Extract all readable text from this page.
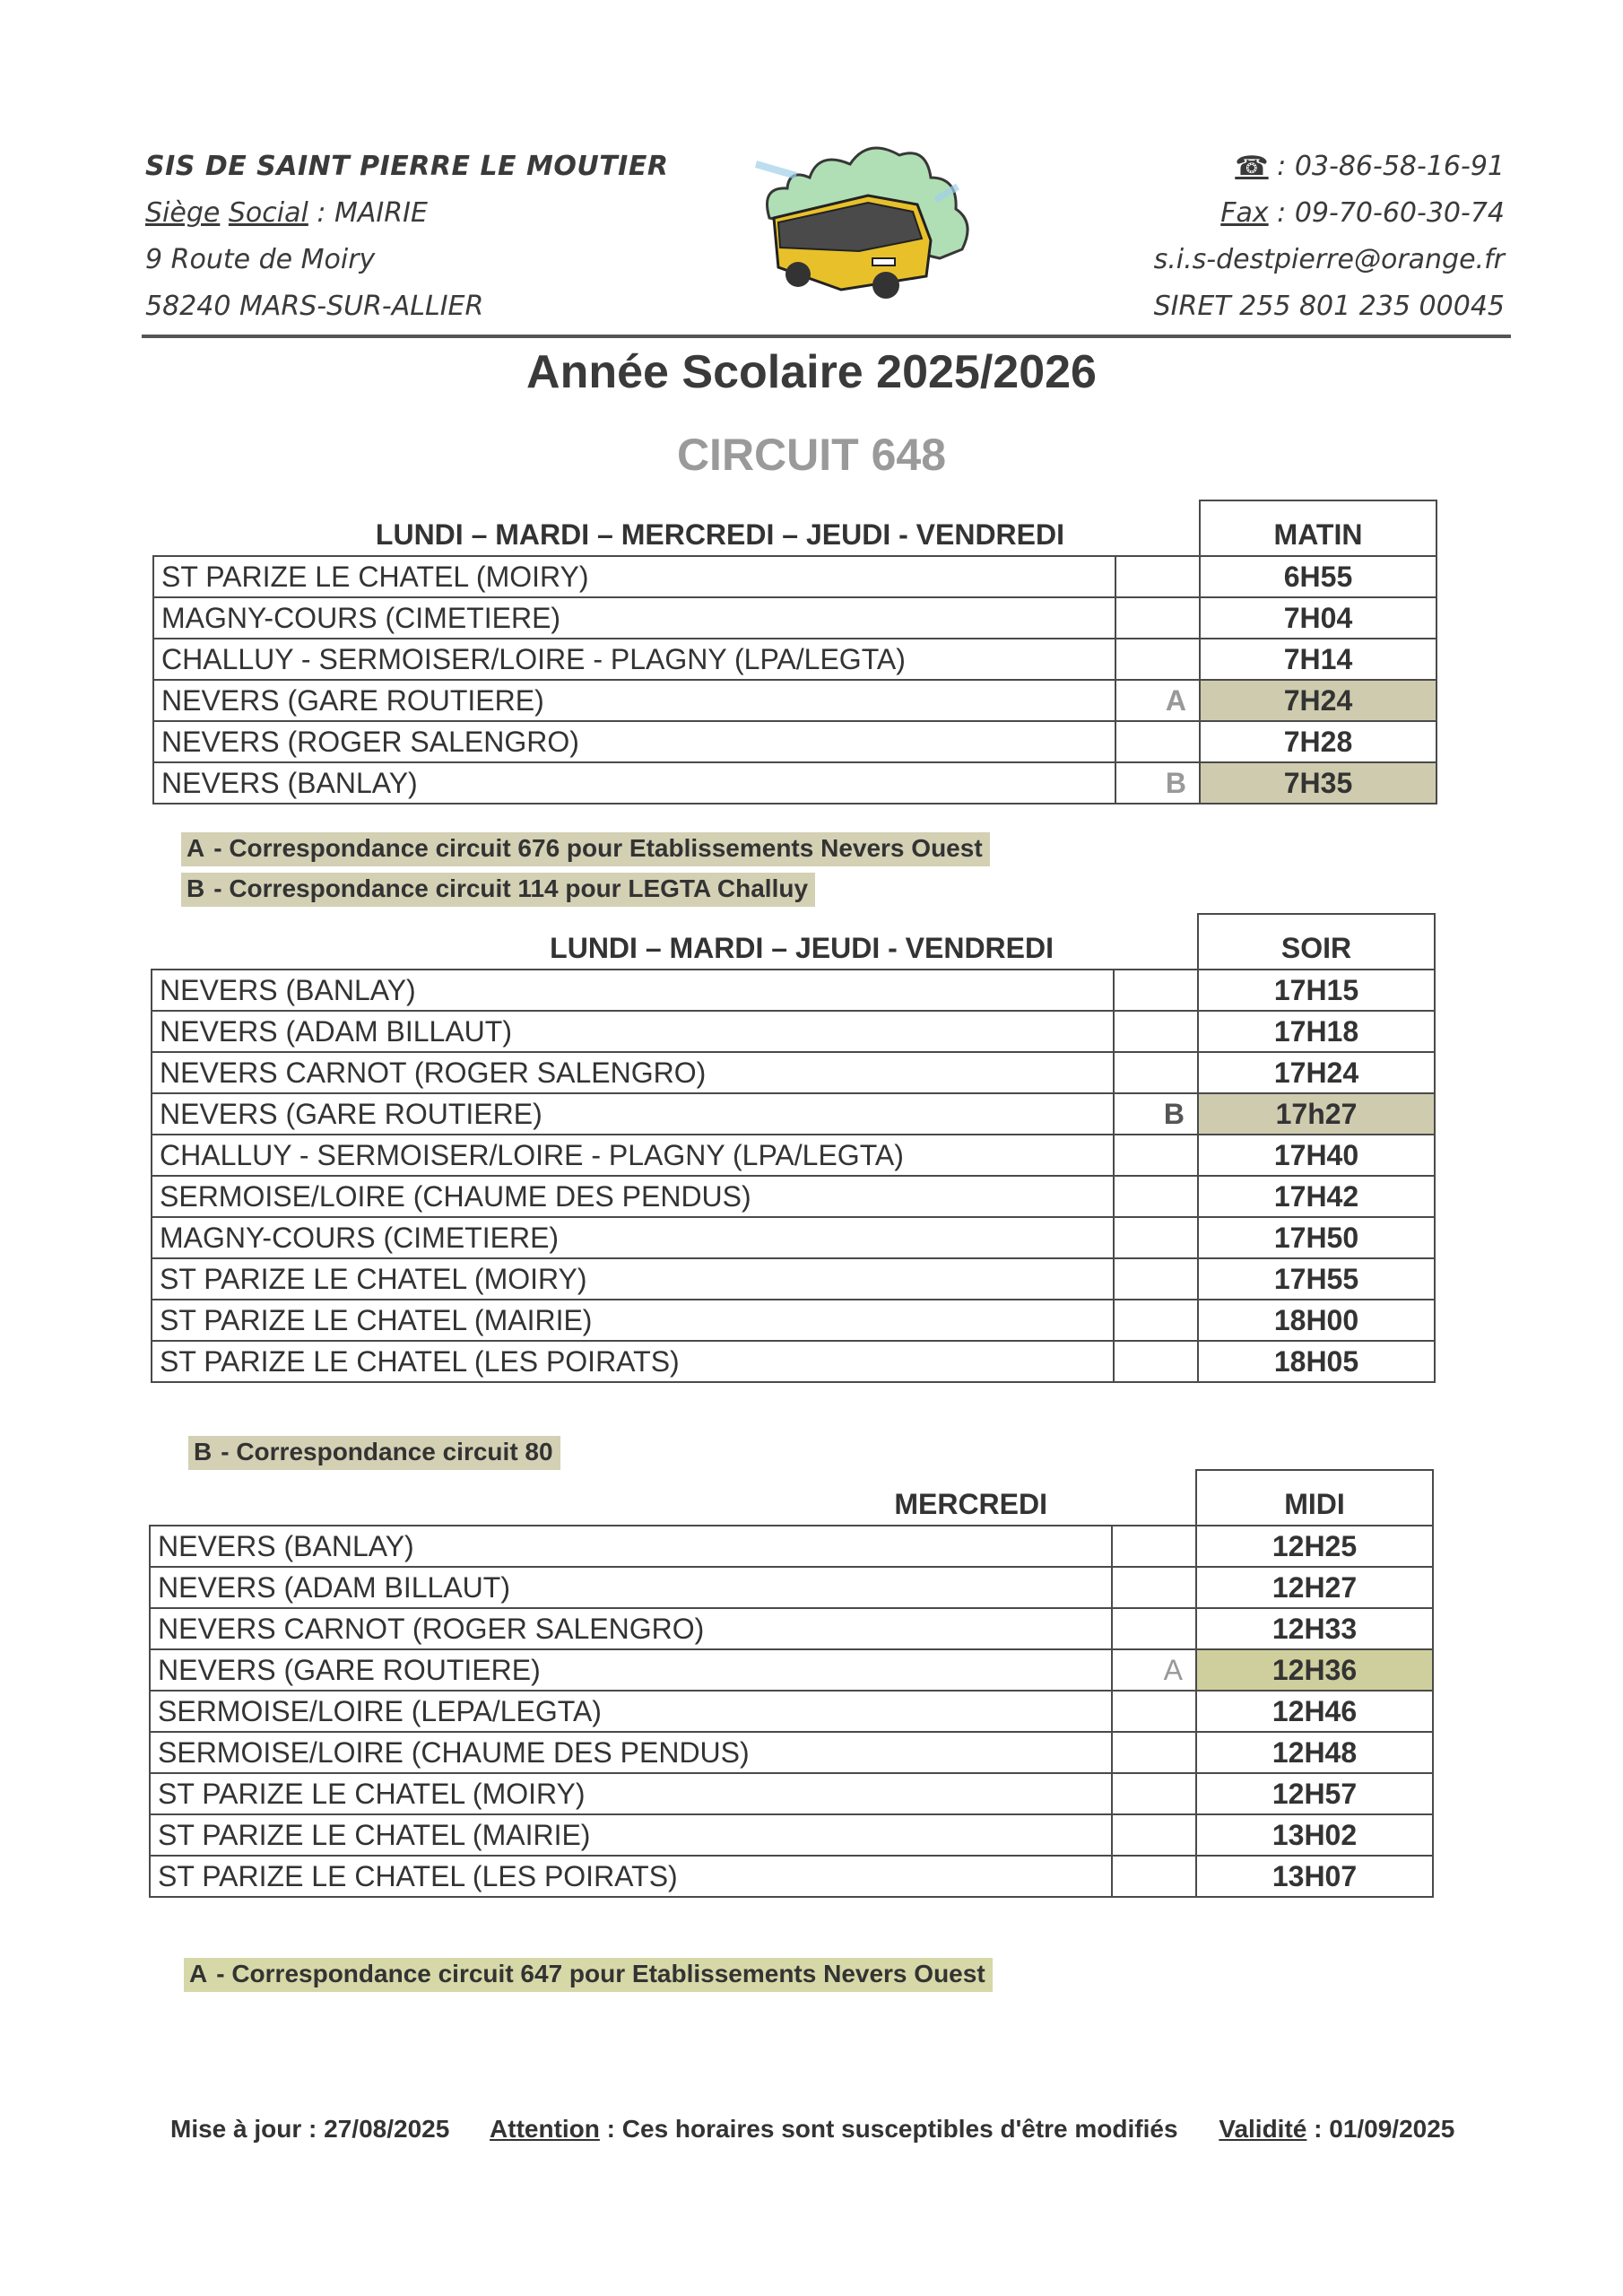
SIS DE SAINT PIERRE LE MOUTIER
Siège Social : MAIRIE
9 Route de Moiry
58240 MARS-SUR-ALLIER
☎ : 03-86-58-16-91
Fax : 09-70-60-30-74
s.i.s-destpierre@orange.fr
SIRET 255 801 235 00045
Année Scolaire 2025/2026
CIRCUIT 648
LUNDI – MARDI – MERCREDI – JEUDI - VENDREDI		MATIN
ST PARIZE LE CHATEL (MOIRY)		6H55
MAGNY-COURS (CIMETIERE)		7H04
CHALLUY - SERMOISER/LOIRE - PLAGNY (LPA/LEGTA)		7H14
NEVERS (GARE ROUTIERE)	A	7H24
NEVERS (ROGER SALENGRO)		7H28
NEVERS (BANLAY)	B	7H35
A - Correspondance circuit 676 pour Etablissements Nevers Ouest
B - Correspondance circuit 114 pour LEGTA Challuy
LUNDI – MARDI – JEUDI - VENDREDI		SOIR
NEVERS (BANLAY)		17H15
NEVERS (ADAM BILLAUT)		17H18
NEVERS CARNOT (ROGER SALENGRO)		17H24
NEVERS (GARE ROUTIERE)	B	17h27
CHALLUY - SERMOISER/LOIRE - PLAGNY (LPA/LEGTA)		17H40
SERMOISE/LOIRE (CHAUME DES PENDUS)		17H42
MAGNY-COURS (CIMETIERE)		17H50
ST PARIZE LE CHATEL (MOIRY)		17H55
ST PARIZE LE CHATEL (MAIRIE)		18H00
ST PARIZE LE CHATEL (LES POIRATS)		18H05
B - Correspondance circuit 80
MERCREDI		MIDI
NEVERS (BANLAY)		12H25
NEVERS (ADAM BILLAUT)		12H27
NEVERS CARNOT (ROGER SALENGRO)		12H33
NEVERS (GARE ROUTIERE)	A	12H36
SERMOISE/LOIRE (LEPA/LEGTA)		12H46
SERMOISE/LOIRE (CHAUME DES PENDUS)		12H48
ST PARIZE LE CHATEL (MOIRY)		12H57
ST PARIZE LE CHATEL (MAIRIE)		13H02
ST PARIZE LE CHATEL (LES POIRATS)		13H07
A - Correspondance circuit 647 pour Etablissements Nevers Ouest
Mise à jour : 27/08/2025 Attention : Ces horaires sont susceptibles d'être modifiés Validité : 01/09/2025
